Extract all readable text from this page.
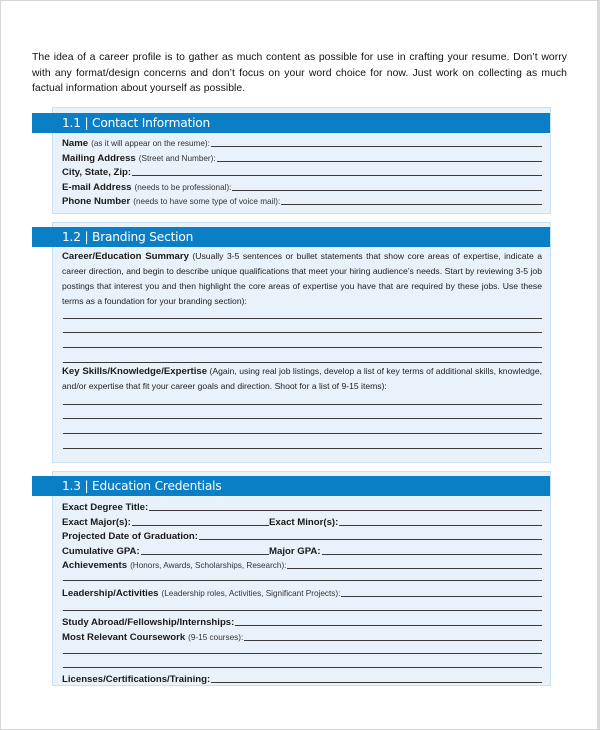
The idea of a career profile is to gather as much content as possible for use in crafting your resume. Don’t worry with any format/design concerns and don’t focus on your word choice for now. Just work on collecting as much factual information about yourself as possible.

1.1 | Contact Information
Name (as it will appear on the resume):
Mailing Address (Street and Number):
City, State, Zip:
E-mail Address (needs to be professional):
Phone Number (needs to have some type of voice mail):
1.2 | Branding Section

Career/Education Summary (Usually 3-5 sentences or bullet statements that show core areas of expertise, indicate a career direction, and begin to describe unique qualifications that meet your hiring audience’s needs. Start by reviewing 3-5 job postings that interest you and then highlight the core areas of expertise you have that are required by these jobs. Use these terms as a foundation for your branding section):

Key Skills/Knowledge/Expertise (Again, using real job listings, develop a list of key terms of additional skills, knowledge, and/or expertise that fit your career goals and direction. Shoot for a list of 9-15 items):

1.3 | Education Credentials
Exact Degree Title:
Exact Major(s):	Exact Minor(s):
Projected Date of Graduation:
Cumulative GPA:	Major GPA:
Achievements (Honors, Awards, Scholarships, Research):
Leadership/Activities (Leadership roles, Activities, Significant Projects):
Study Abroad/Fellowship/Internships:
Most Relevant Coursework (9-15 courses):
Licenses/Certifications/Training:
